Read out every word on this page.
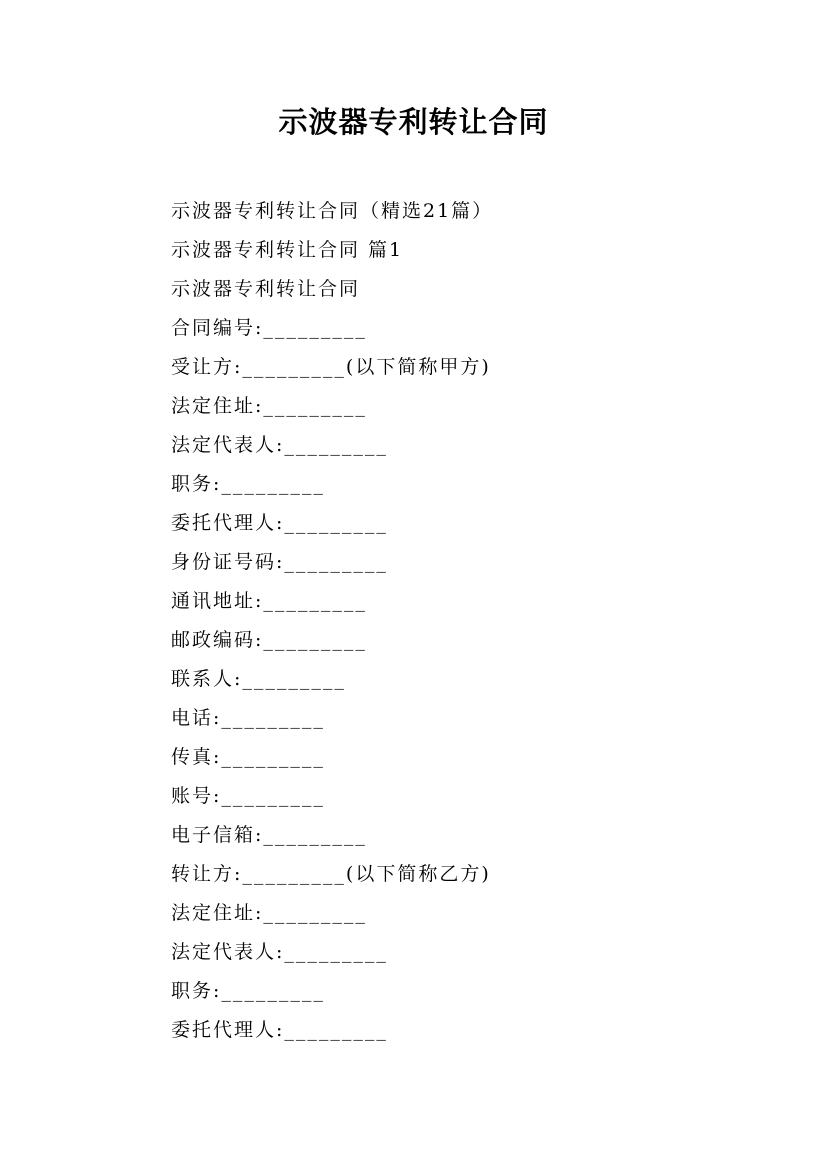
示波器专利转让合同
示波器专利转让合同（精选21篇）
示波器专利转让合同 篇1
示波器专利转让合同
合同编号:_________
受让方:_________(以下简称甲方)
法定住址:_________
法定代表人:_________
职务:_________
委托代理人:_________
身份证号码:_________
通讯地址:_________
邮政编码:_________
联系人:_________
电话:_________
传真:_________
账号:_________
电子信箱:_________
转让方:_________(以下简称乙方)
法定住址:_________
法定代表人:_________
职务:_________
委托代理人:_________
